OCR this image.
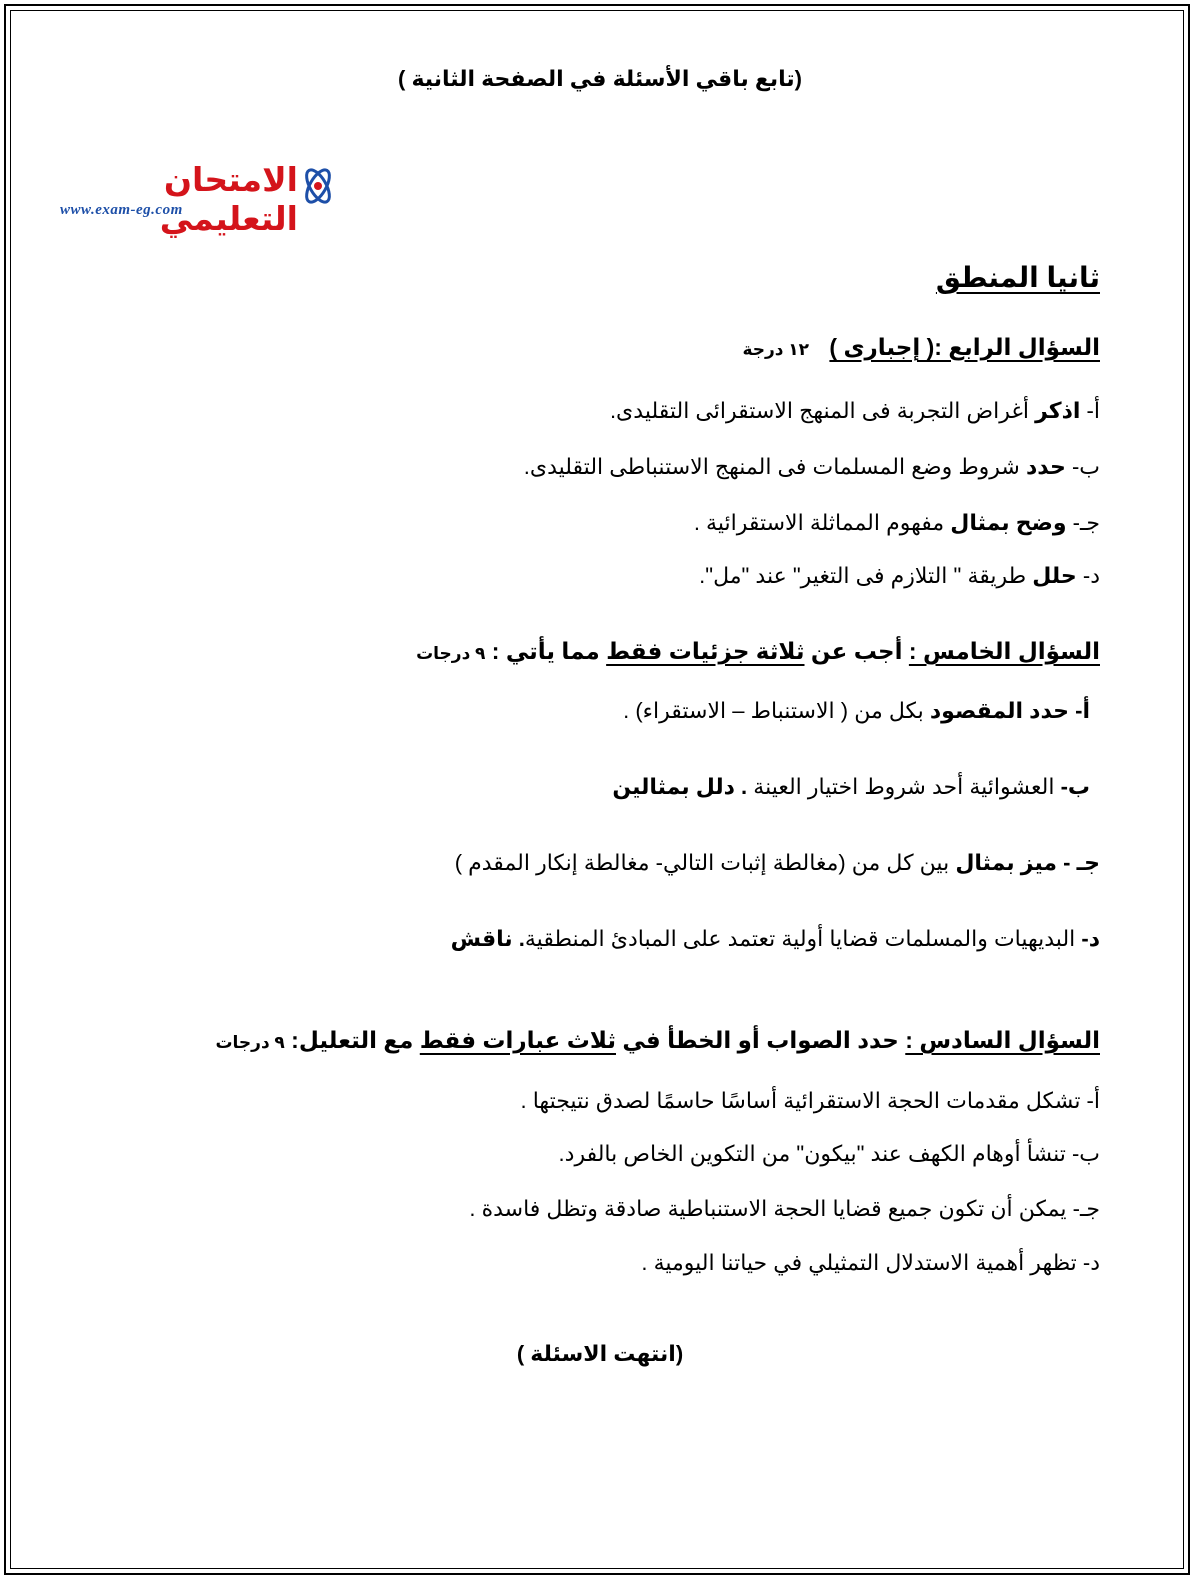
(تابع باقي الأسئلة في الصفحة الثانية )
الامتحان التعليمي
www.exam-eg.com
ثانيا المنطق
السؤال الرابع :( إجبارى ) ١٢ درجة
أ- اذكر أغراض التجربة فى المنهج الاستقرائى التقليدى.
ب- حدد شروط وضع المسلمات فى المنهج الاستنباطى التقليدى.
جـ- وضح بمثال مفهوم المماثلة الاستقرائية .
د- حلل طريقة " التلازم فى التغير" عند "مل".
السؤال الخامس : أجب عن ثلاثة جزئيات فقط مما يأتي : ٩ درجات
أ- حدد المقصود بكل من ( الاستنباط – الاستقراء) .
ب- العشوائية أحد شروط اختيار العينة . دلل بمثالين
جـ - ميز بمثال بين كل من (مغالطة إثبات التالي- مغالطة إنكار المقدم )
د- البديهيات والمسلمات قضايا أولية تعتمد على المبادئ المنطقية. ناقش
السؤال السادس : حدد الصواب أو الخطأ في ثلاث عبارات فقط مع التعليل: ٩ درجات
أ- تشكل مقدمات الحجة الاستقرائية أساسًا حاسمًا لصدق نتيجتها .
ب- تنشأ أوهام الكهف عند "بيكون" من التكوين الخاص بالفرد.
جـ- يمكن أن تكون جميع قضايا الحجة الاستنباطية صادقة وتظل فاسدة .
د- تظهر أهمية الاستدلال التمثيلي في حياتنا اليومية .
(انتهت الاسئلة )
